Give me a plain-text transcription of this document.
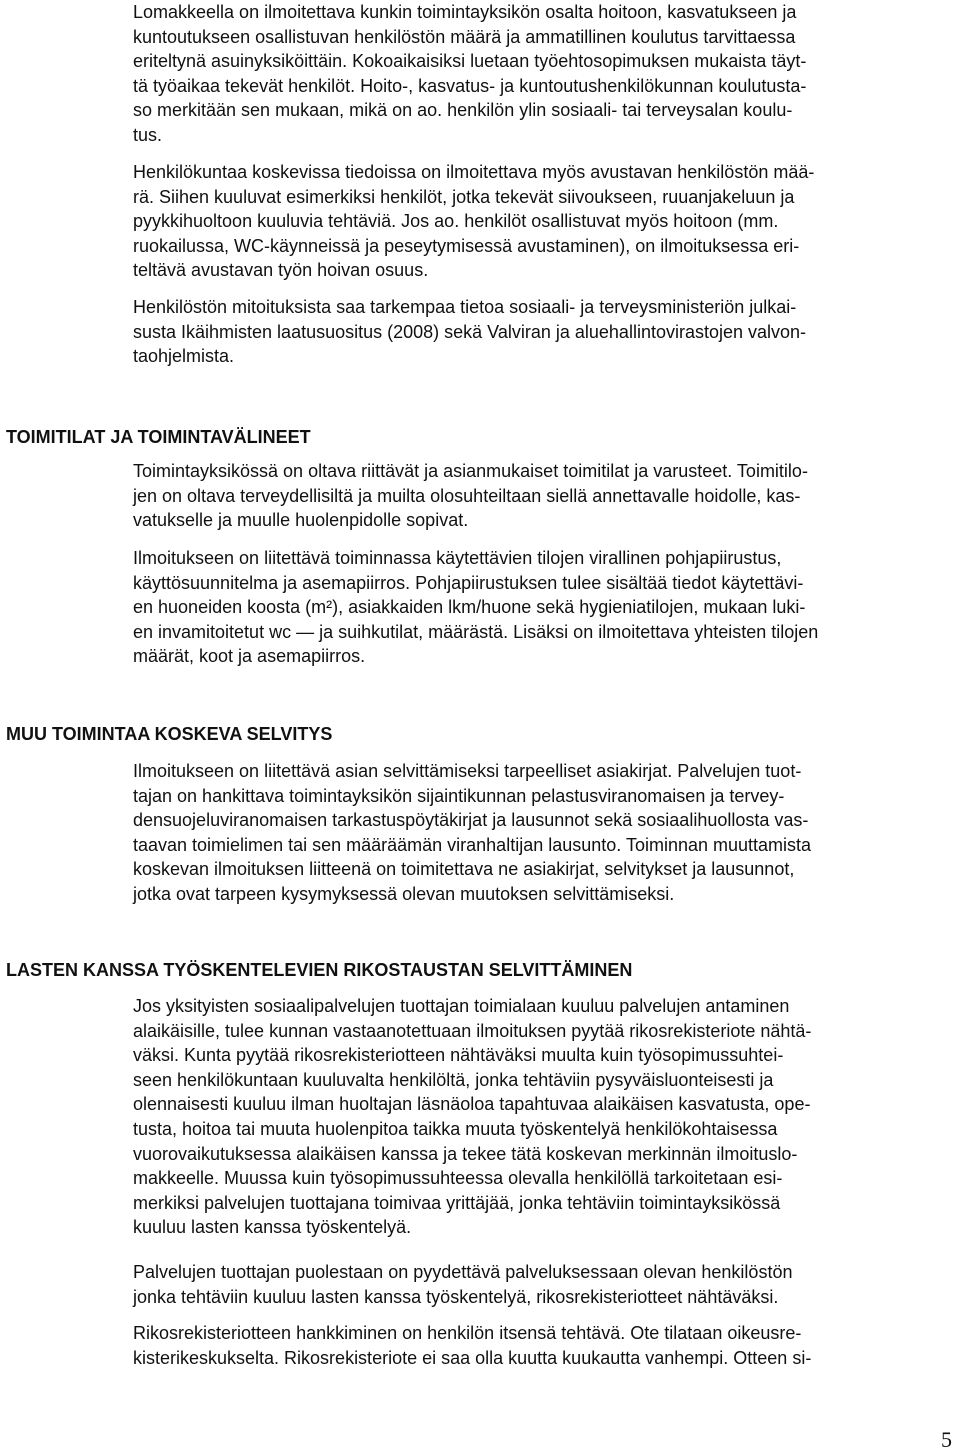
Lomakkeella on ilmoitettava kunkin toimintayksikön osalta hoitoon, kasvatukseen ja
kuntoutukseen osallistuvan henkilöstön määrä ja ammatillinen koulutus tarvittaessa
eriteltynä asuinyksiköittäin. Kokoaikaisiksi luetaan työehtosopimuksen mukaista täyt-
tä työaikaa tekevät henkilöt. Hoito-, kasvatus- ja kuntoutushenkilökunnan koulutusta-
so merkitään sen mukaan, mikä on ao. henkilön ylin sosiaali- tai terveysalan koulu-
tus.

Henkilökuntaa koskevissa tiedoissa on ilmoitettava myös avustavan henkilöstön mää-
rä. Siihen kuuluvat esimerkiksi henkilöt, jotka tekevät siivoukseen, ruuanjakeluun ja
pyykkihuoltoon kuuluvia tehtäviä. Jos ao. henkilöt osallistuvat myös hoitoon (mm.
ruokailussa, WC-käynneissä ja peseytymisessä avustaminen), on ilmoituksessa eri-
teltävä avustavan työn hoivan osuus.

Henkilöstön mitoituksista saa tarkempaa tietoa sosiaali- ja terveysministeriön julkai-
susta Ikäihmisten laatusuositus (2008) sekä Valviran ja aluehallintovirastojen valvon-
taohjelmista.

TOIMITILAT JA TOIMINTAVÄLINEET

Toimintayksikössä on oltava riittävät ja asianmukaiset toimitilat ja varusteet. Toimitilo-
jen on oltava terveydellisiltä ja muilta olosuhteiltaan siellä annettavalle hoidolle, kas-
vatukselle ja muulle huolenpidolle sopivat.

Ilmoitukseen on liitettävä toiminnassa käytettävien tilojen virallinen pohjapiirustus,
käyttösuunnitelma ja asemapiirros. Pohjapiirustuksen tulee sisältää tiedot käytettävi-
en huoneiden koosta (m²), asiakkaiden lkm/huone sekä hygieniatilojen, mukaan luki-
en invamitoitetut wc — ja suihkutilat, määrästä. Lisäksi on ilmoitettava yhteisten tilojen
määrät, koot ja asemapiirros.

MUU TOIMINTAA KOSKEVA SELVITYS

Ilmoitukseen on liitettävä asian selvittämiseksi tarpeelliset asiakirjat. Palvelujen tuot-
tajan on hankittava toimintayksikön sijaintikunnan pelastusviranomaisen ja tervey-
densuojeluviranomaisen tarkastuspöytäkirjat ja lausunnot sekä sosiaalihuollosta vas-
taavan toimielimen tai sen määräämän viranhaltijan lausunto. Toiminnan muuttamista
koskevan ilmoituksen liitteenä on toimitettava ne asiakirjat, selvitykset ja lausunnot,
jotka ovat tarpeen kysymyksessä olevan muutoksen selvittämiseksi.

LASTEN KANSSA TYÖSKENTELEVIEN RIKOSTAUSTAN SELVITTÄMINEN

Jos yksityisten sosiaalipalvelujen tuottajan toimialaan kuuluu palvelujen antaminen
alaikäisille, tulee kunnan vastaanotettuaan ilmoituksen pyytää rikosrekisteriote nähtä-
väksi. Kunta pyytää rikosrekisteriotteen nähtäväksi muulta kuin työsopimussuhtei-
seen henkilökuntaan kuuluvalta henkilöltä, jonka tehtäviin pysyväisluonteisesti ja
olennaisesti kuuluu ilman huoltajan läsnäoloa tapahtuvaa alaikäisen kasvatusta, ope-
tusta, hoitoa tai muuta huolenpitoa taikka muuta työskentelyä henkilökohtaisessa
vuorovaikutuksessa alaikäisen kanssa ja tekee tätä koskevan merkinnän ilmoituslo-
makkeelle. Muussa kuin työsopimussuhteessa olevalla henkilöllä tarkoitetaan esi-
merkiksi palvelujen tuottajana toimivaa yrittäjää, jonka tehtäviin toimintayksikössä
kuuluu lasten kanssa työskentelyä.

Palvelujen tuottajan puolestaan on pyydettävä palveluksessaan olevan henkilöstön
jonka tehtäviin kuuluu lasten kanssa työskentelyä, rikosrekisteriotteet nähtäväksi.

Rikosrekisteriotteen hankkiminen on henkilön itsensä tehtävä. Ote tilataan oikeusre-
kisterikeskukselta. Rikosrekisteriote ei saa olla kuutta kuukautta vanhempi. Otteen si-

5
